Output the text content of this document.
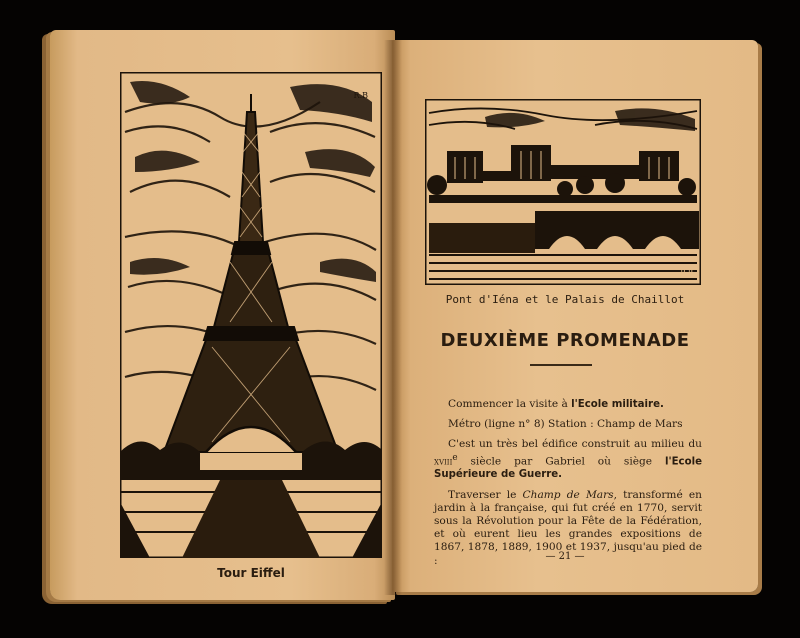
R.B
R.B
Tour Eiffel
Pont d'Iéna et le Palais de Chaillot
DEUXIÈME PROMENADE

Commencer la visite à l'Ecole militaire.

Métro (ligne n° 8) Station : Champ de Mars

C'est un très bel édifice construit au milieu du xviii$^e$ siècle par Gabriel où siège l'Ecole Supérieure de Guerre.

Traverser le Champ de Mars, transformé en jardin à la française, qui fut créé en 1770, servit sous la Révolution pour la Fête de la Fédération, et où eurent lieu les grandes expositions de 1867, 1878, 1889, 1900 et 1937, jusqu'au pied de :	— 21 —
